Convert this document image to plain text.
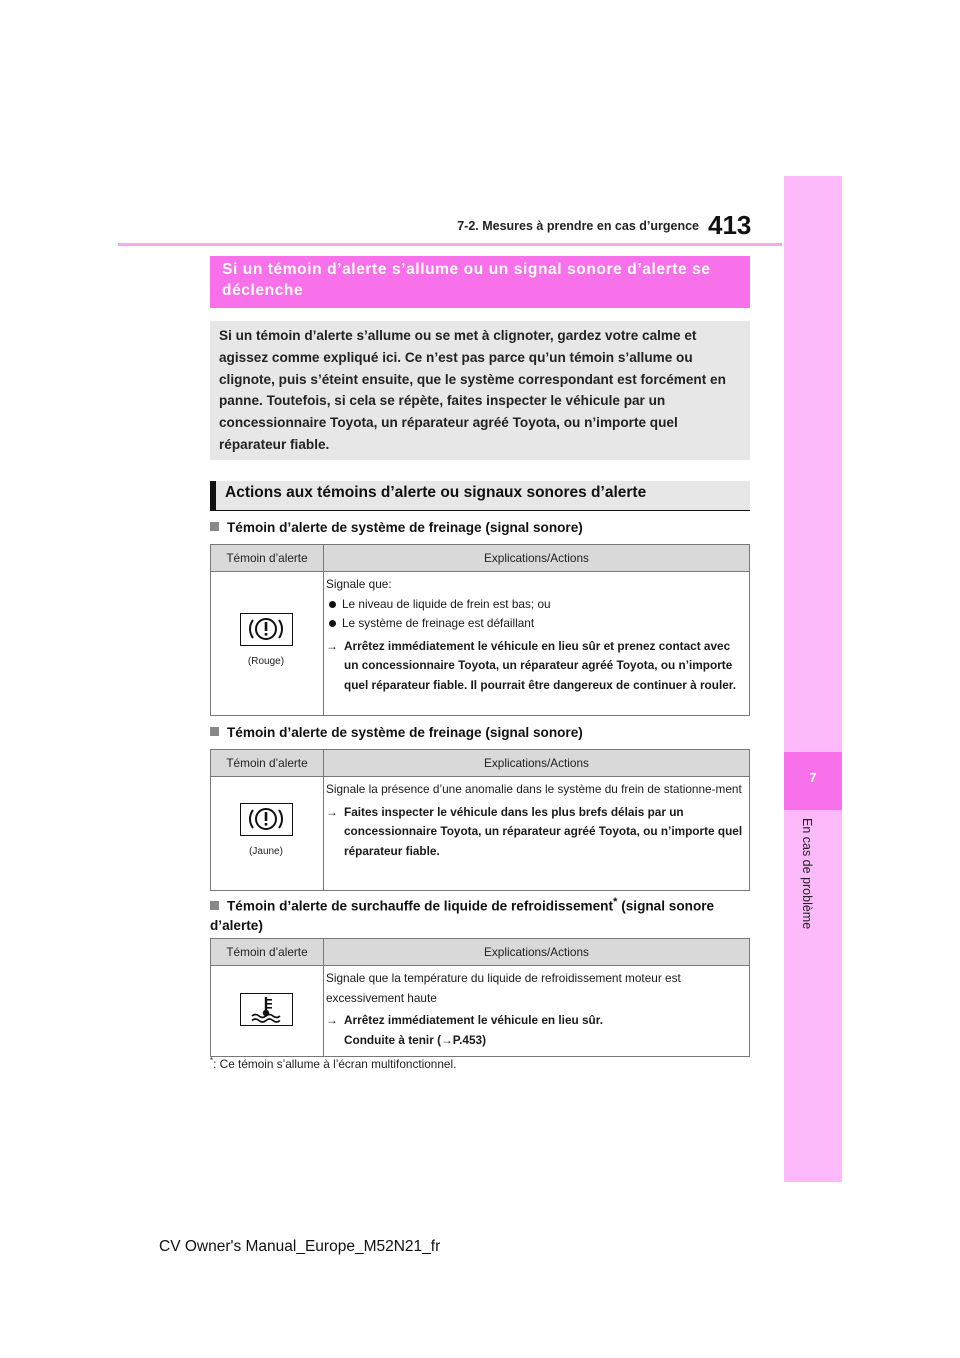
413
7-2. Mesures à prendre en cas d’urgence
7
En cas de problème
Si un témoin d’alerte s’allume ou un signal sonore d’alerte se déclenche
Si un témoin d’alerte s’allume ou se met à clignoter, gardez votre calme et agissez comme expliqué ici. Ce n’est pas parce qu’un témoin s’allume ou clignote, puis s’éteint ensuite, que le système correspondant est forcément en panne. Toutefois, si cela se répète, faites inspecter le véhicule par un concessionnaire Toyota, un réparateur agréé Toyota, ou n’importe quel réparateur fiable.
Actions aux témoins d’alerte ou signaux sonores d’alerte
Témoin d’alerte de système de freinage (signal sonore)
Témoin d’alerte	Explications/Actions

(Rouge)	Signale que:
Le niveau de liquide de frein est bas; ou
Le système de freinage est défaillant
→ Arrêtez immédiatement le véhicule en lieu sûr et prenez contact avec un concessionnaire Toyota, un réparateur agréé Toyota, ou n’importe quel réparateur fiable. Il pourrait être dangereux de continuer à rouler.
Témoin d’alerte de système de freinage (signal sonore)
Témoin d’alerte	Explications/Actions

(Jaune)	Signale la présence d’une anomalie dans le système du frein de stationne-ment
→ Faites inspecter le véhicule dans les plus brefs délais par un concessionnaire Toyota, un réparateur agréé Toyota, ou n’importe quel réparateur fiable.
Témoin d’alerte de surchauffe de liquide de refroidissement* (signal sonore d’alerte)
Témoin d’alerte	Explications/Actions

Signale que la température du liquide de refroidissement moteur est excessivement haute
→ Arrêtez immédiatement le véhicule en lieu sûr.
Conduite à tenir (→P.453)
*: Ce témoin s’allume à l’écran multifonctionnel.
CV Owner's Manual_Europe_M52N21_fr
